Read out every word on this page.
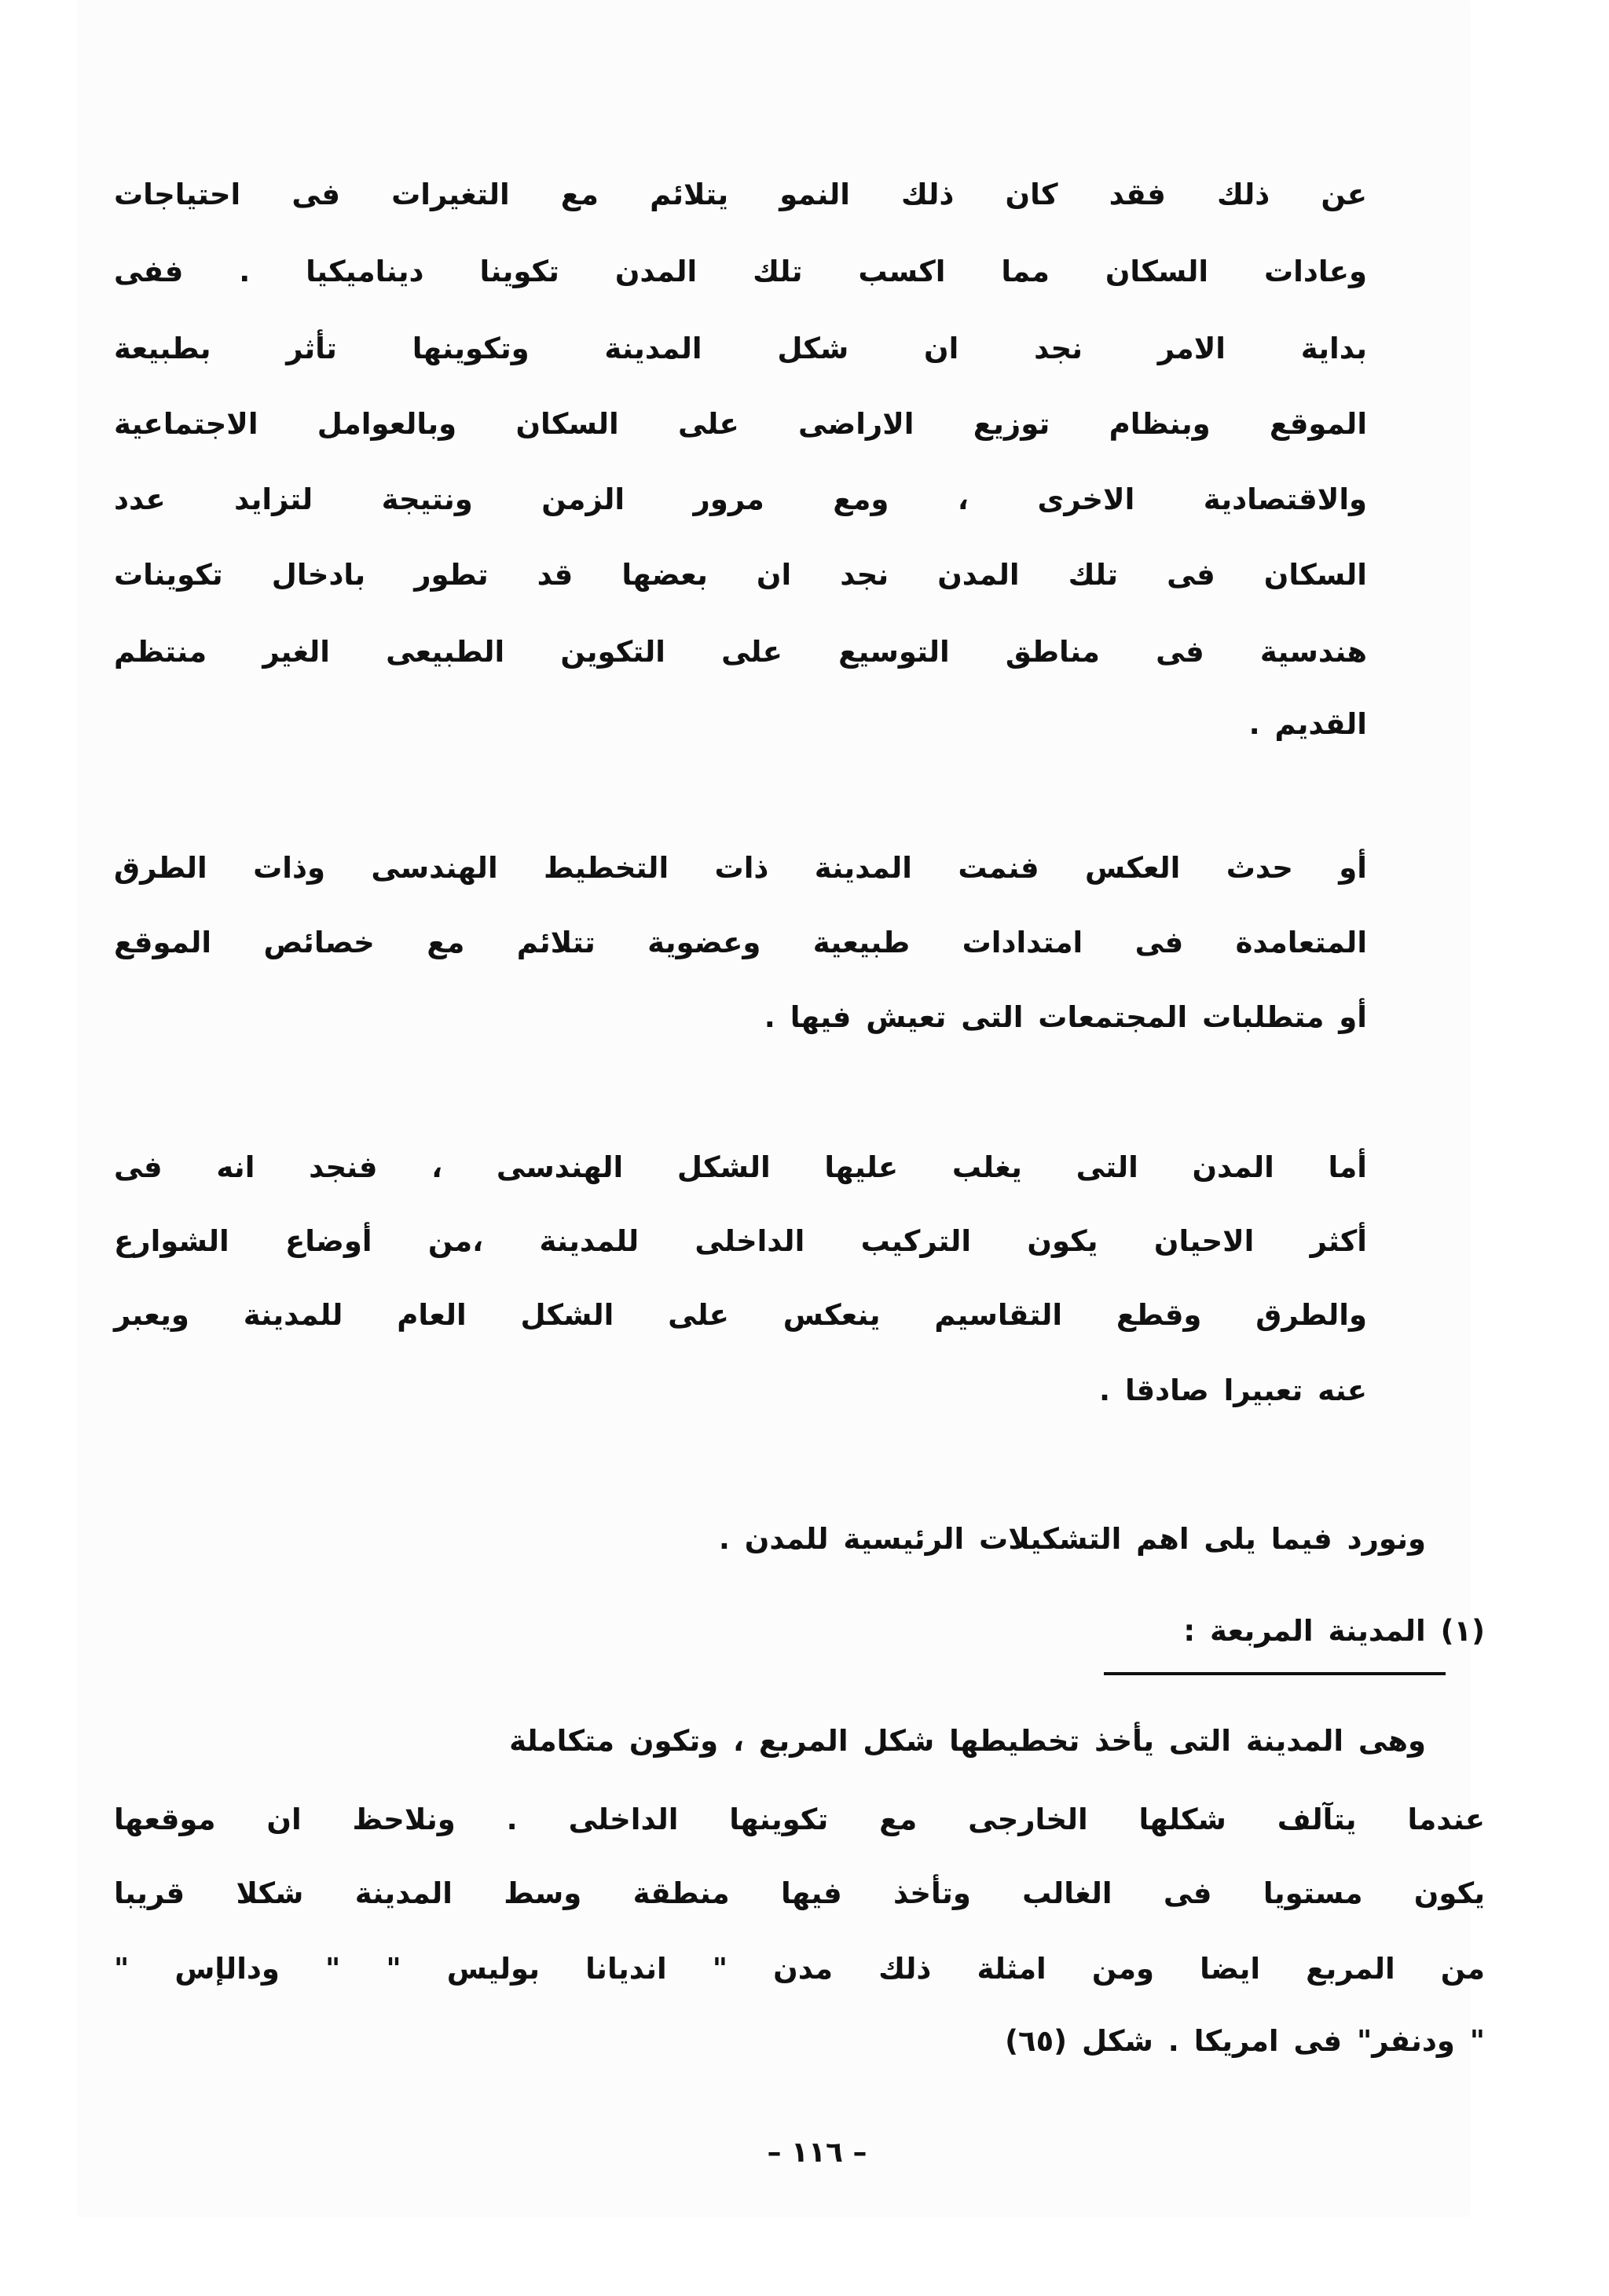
عن ذلك فقد كان ذلك النمو يتلائم مع التغيرات فى احتياجات
وعادات السكان مما اكسب تلك المدن تكوينا ديناميكيا . ففى
بداية الامر نجد ان شكل المدينة وتكوينها تأثر بطبيعة
الموقع وبنظام توزيع الاراضى على السكان وبالعوامل الاجتماعية
والاقتصادية الاخرى ، ومع مرور الزمن ونتيجة لتزايد عدد
السكان فى تلك المدن نجد ان بعضها قد تطور بادخال تكوينات
هندسية فى مناطق التوسيع على التكوين الطبيعى الغير منتظم
القديم .
أو حدث العكس فنمت المدينة ذات التخطيط الهندسى وذات الطرق
المتعامدة فى امتدادات طبيعية وعضوية تتلائم مع خصائص الموقع
أو متطلبات المجتمعات التى تعيش فيها .
أما المدن التى يغلب عليها الشكل الهندسى ، فنجد انه فى
أكثر الاحيان يكون التركيب الداخلى للمدينة ،من أوضاع الشوارع
والطرق وقطع التقاسيم ينعكس على الشكل العام للمدينة ويعبر
عنه تعبيرا صادقا .
ونورد فيما يلى اهم التشكيلات الرئيسية للمدن .
(١) المدينة المربعة :
وهى المدينة التى يأخذ تخطيطها شكل المربع ، وتكون متكاملة
عندما يتآلف شكلها الخارجى مع تكوينها الداخلى . ونلاحظ ان موقعها
يكون مستويا فى الغالب وتأخذ فيها منطقة وسط المدينة شكلا قريبا
من المربع ايضا ومن امثلة ذلك مدن " انديانا بوليس " " ودالإس "
" ودنفر" فى امريكا . شكل (٦٥)
– ١١٦ –
